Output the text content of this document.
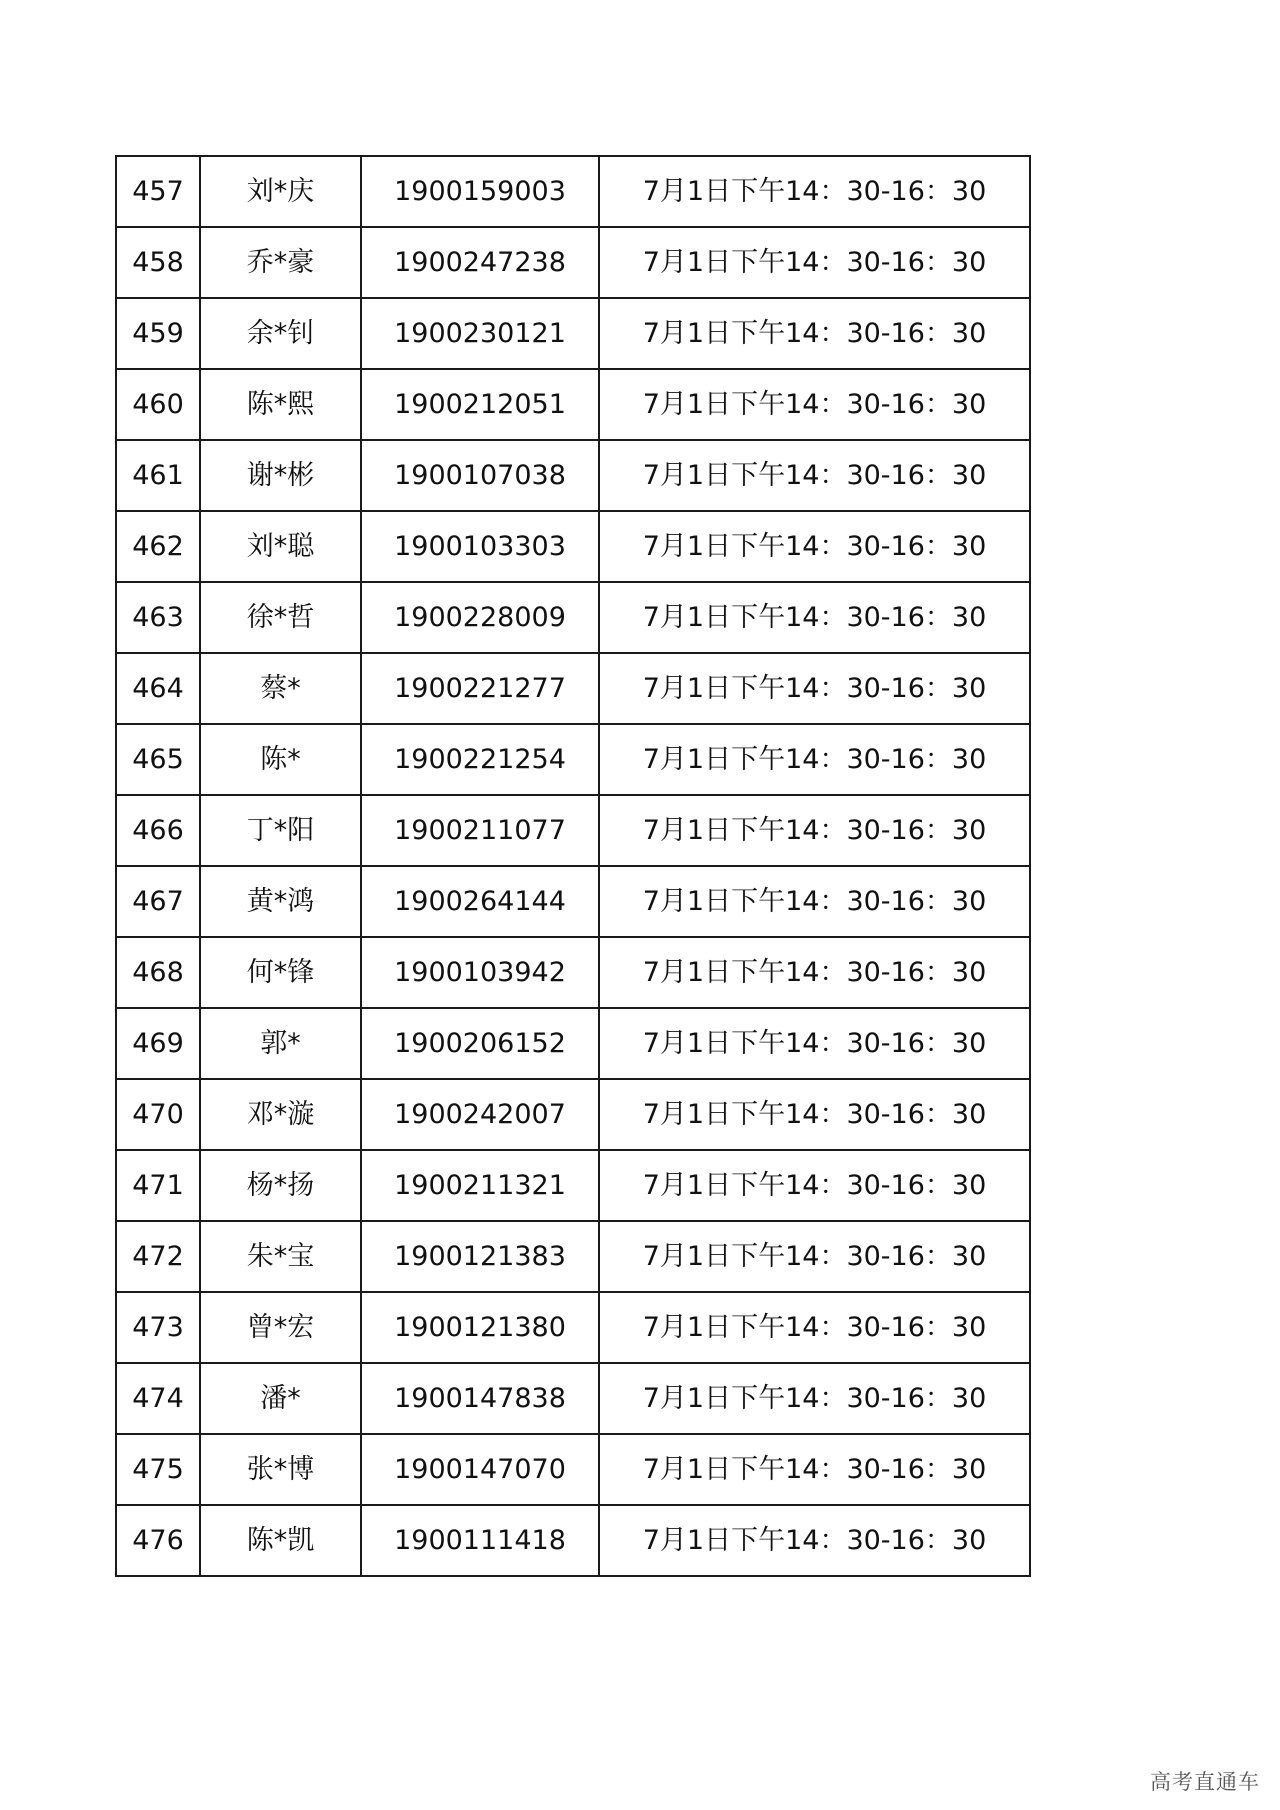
457	刘*庆	1900159003	7月1日下午14：30-16：30
458	乔*豪	1900247238	7月1日下午14：30-16：30
459	余*钊	1900230121	7月1日下午14：30-16：30
460	陈*熙	1900212051	7月1日下午14：30-16：30
461	谢*彬	1900107038	7月1日下午14：30-16：30
462	刘*聪	1900103303	7月1日下午14：30-16：30
463	徐*哲	1900228009	7月1日下午14：30-16：30
464	蔡*	1900221277	7月1日下午14：30-16：30
465	陈*	1900221254	7月1日下午14：30-16：30
466	丁*阳	1900211077	7月1日下午14：30-16：30
467	黄*鸿	1900264144	7月1日下午14：30-16：30
468	何*锋	1900103942	7月1日下午14：30-16：30
469	郭*	1900206152	7月1日下午14：30-16：30
470	邓*漩	1900242007	7月1日下午14：30-16：30
471	杨*扬	1900211321	7月1日下午14：30-16：30
472	朱*宝	1900121383	7月1日下午14：30-16：30
473	曾*宏	1900121380	7月1日下午14：30-16：30
474	潘*	1900147838	7月1日下午14：30-16：30
475	张*博	1900147070	7月1日下午14：30-16：30
476	陈*凯	1900111418	7月1日下午14：30-16：30
高考直通车
